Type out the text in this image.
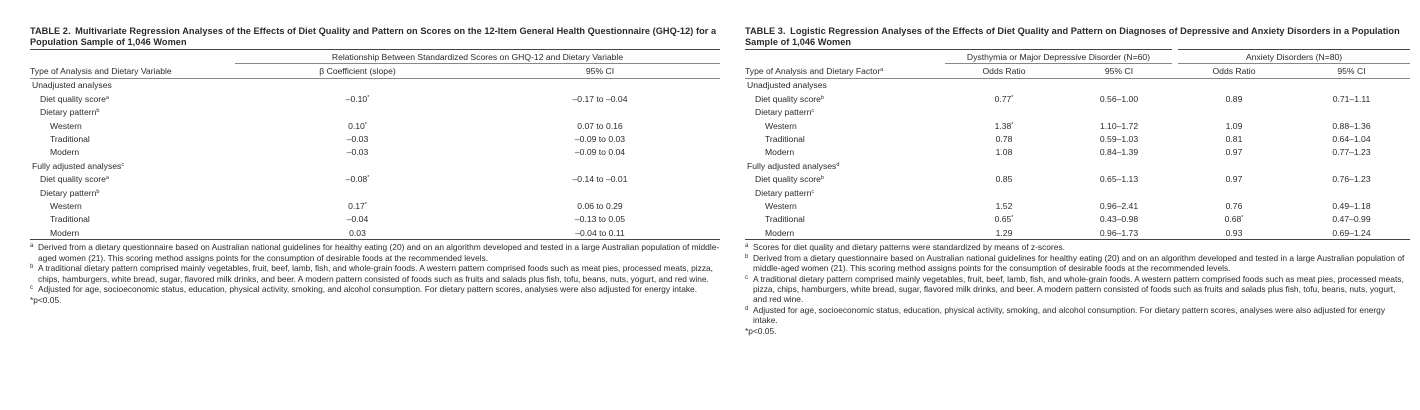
TABLE 2. Multivariate Regression Analyses of the Effects of Diet Quality and Pattern on Scores on the 12-Item General Health Questionnaire (GHQ-12) for a Population Sample of 1,046 Women
	Relationship Between Standardized Scores on GHQ-12 and Dietary Variable	
Type of Analysis and Dietary Variable	β Coefficient (slope)	95% CI
Unadjusted analyses		
Diet quality score$^a$	–0.10*	–0.17 to –0.04
Dietary pattern$^b$
Western	0.10*	0.07 to 0.16
Traditional	–0.03	–0.09 to 0.03
Modern	–0.03	–0.09 to 0.04
Fully adjusted analyses$^c$
Diet quality score$^a$	–0.08*	–0.14 to –0.01
Dietary pattern$^b$
Western	0.17*	0.06 to 0.29
Traditional	–0.04	–0.13 to 0.05
Modern	0.03	–0.04 to 0.11
a Derived from a dietary questionnaire based on Australian national guidelines for healthy eating (20) and on an algorithm developed and tested in a large Australian population of middle-aged women (21). This scoring method assigns points for the consumption of desirable foods at the recommended levels.
b A traditional dietary pattern comprised mainly vegetables, fruit, beef, lamb, fish, and whole-grain foods. A western pattern comprised foods such as meat pies, processed meats, pizza, chips, hamburgers, white bread, sugar, flavored milk drinks, and beer. A modern pattern consisted of foods such as fruits and salads plus fish, tofu, beans, nuts, yogurt, and red wine.
c Adjusted for age, socioeconomic status, education, physical activity, smoking, and alcohol consumption. For dietary pattern scores, analyses were also adjusted for energy intake.
*p<0.05.
TABLE 3. Logistic Regression Analyses of the Effects of Diet Quality and Pattern on Diagnoses of Depressive and Anxiety Disorders in a Population Sample of 1,046 Women
	Dysthymia or Major Depressive Disorder (N=60)		Anxiety Disorders (N=80)	
Type of Analysis and Dietary Factor$^a$	Odds Ratio	95% CI	Odds Ratio	95% CI
Unadjusted analyses				
Diet quality score$^b$	0.77*	0.56–1.00	0.89	0.71–1.11
Dietary pattern$^c$
Western	1.38*	1.10–1.72	1.09	0.88–1.36
Traditional	0.78	0.59–1.03	0.81	0.64–1.04
Modern	1.08	0.84–1.39	0.97	0.77–1.23
Fully adjusted analyses$^d$
Diet quality score$^b$	0.85	0.65–1.13	0.97	0.76–1.23
Dietary pattern$^c$
Western	1.52	0.96–2.41	0.76	0.49–1.18
Traditional	0.65*	0.43–0.98	0.68*	0.47–0.99
Modern	1.29	0.96–1.73	0.93	0.69–1.24
a Scores for diet quality and dietary patterns were standardized by means of z-scores.
b Derived from a dietary questionnaire based on Australian national guidelines for healthy eating (20) and on an algorithm developed and tested in a large Australian population of middle-aged women (21). This scoring method assigns points for the consumption of desirable foods at the recommended levels.
c A traditional dietary pattern comprised mainly vegetables, fruit, beef, lamb, fish, and whole-grain foods. A western pattern comprised foods such as meat pies, processed meats, pizza, chips, hamburgers, white bread, sugar, flavored milk drinks, and beer. A modern pattern consisted of foods such as fruits and salads plus fish, tofu, beans, nuts, yogurt, and red wine.
d Adjusted for age, socioeconomic status, education, physical activity, smoking, and alcohol consumption. For dietary pattern scores, analyses were also adjusted for energy intake.
*p<0.05.
